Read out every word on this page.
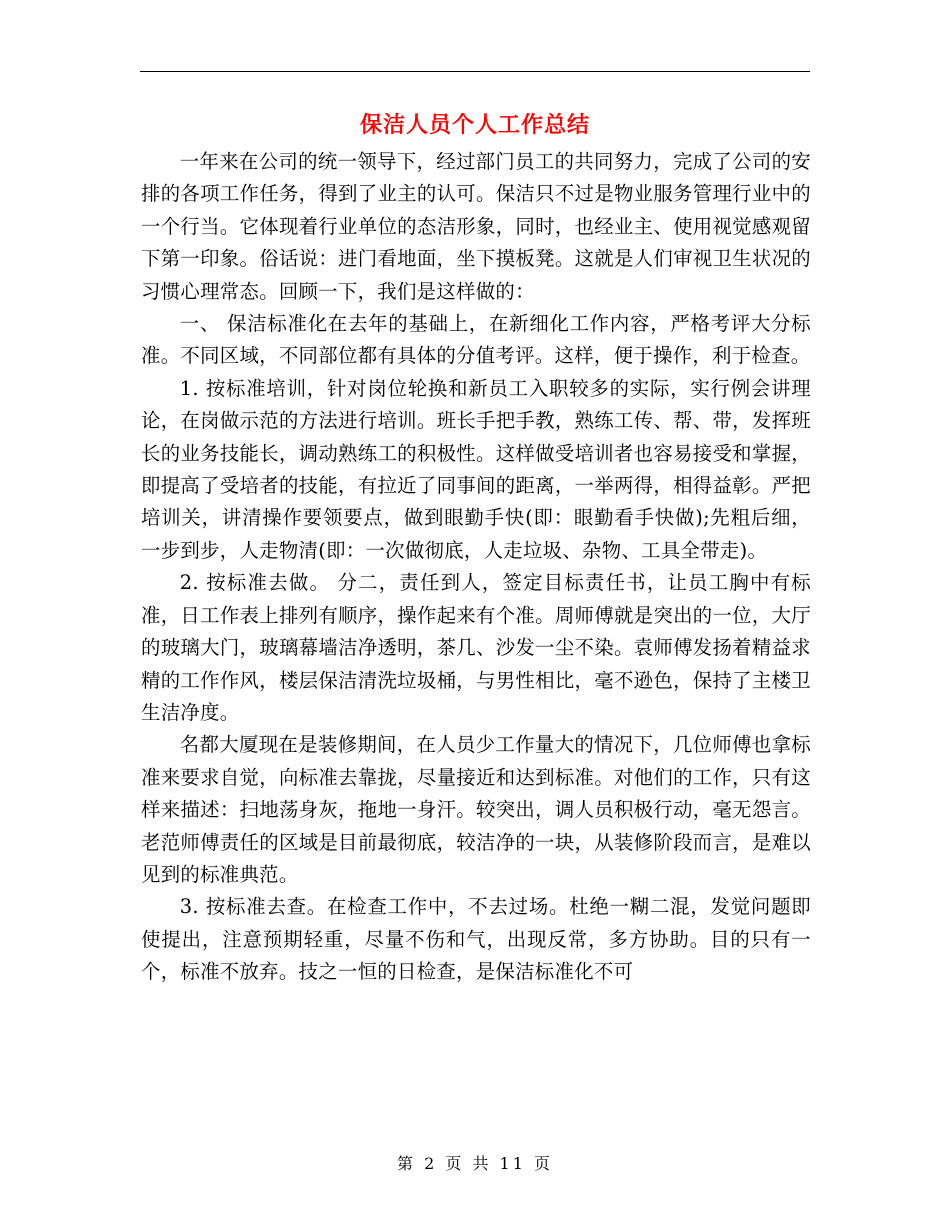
保洁人员个人工作总结

一年来在公司的统一领导下，经过部门员工的共同努力，完成了公司的安排的各项工作任务，得到了业主的认可。保洁只不过是物业服务管理行业中的一个行当。它体现着行业单位的态洁形象，同时，也经业主、使用视觉感观留下第一印象。俗话说：进门看地面，坐下摸板凳。这就是人们审视卫生状况的习惯心理常态。回顾一下，我们是这样做的：

一、 保洁标准化在去年的基础上，在新细化工作内容，严格考评大分标准。不同区域，不同部位都有具体的分值考评。这样，便于操作，利于检查。

1. 按标准培训，针对岗位轮换和新员工入职较多的实际，实行例会讲理论，在岗做示范的方法进行培训。班长手把手教，熟练工传、帮、带，发挥班长的业务技能长，调动熟练工的积极性。这样做受培训者也容易接受和掌握，即提高了受培者的技能，有拉近了同事间的距离，一举两得，相得益彰。严把培训关，讲清操作要领要点，做到眼勤手快(即：眼勤看手快做);先粗后细，一步到步，人走物清(即：一次做彻底，人走垃圾、杂物、工具全带走)。

2. 按标准去做。 分二，责任到人，签定目标责任书，让员工胸中有标准，日工作表上排列有顺序，操作起来有个准。周师傅就是突出的一位，大厅的玻璃大门，玻璃幕墙洁净透明，茶几、沙发一尘不染。袁师傅发扬着精益求精的工作作风，楼层保洁清洗垃圾桶，与男性相比，毫不逊色，保持了主楼卫生洁净度。

名都大厦现在是装修期间，在人员少工作量大的情况下，几位师傅也拿标准来要求自觉，向标准去靠拢，尽量接近和达到标准。对他们的工作，只有这样来描述：扫地荡身灰，拖地一身汗。较突出，调人员积极行动，毫无怨言。老范师傅责任的区域是目前最彻底，较洁净的一块，从装修阶段而言，是难以见到的标准典范。

3. 按标准去查。在检查工作中，不去过场。杜绝一糊二混，发觉问题即使提出，注意预期轻重，尽量不伤和气，出现反常，多方协助。目的只有一个，标准不放弃。技之一恒的日检查，是保洁标准化不可

第 2 页 共 11 页
